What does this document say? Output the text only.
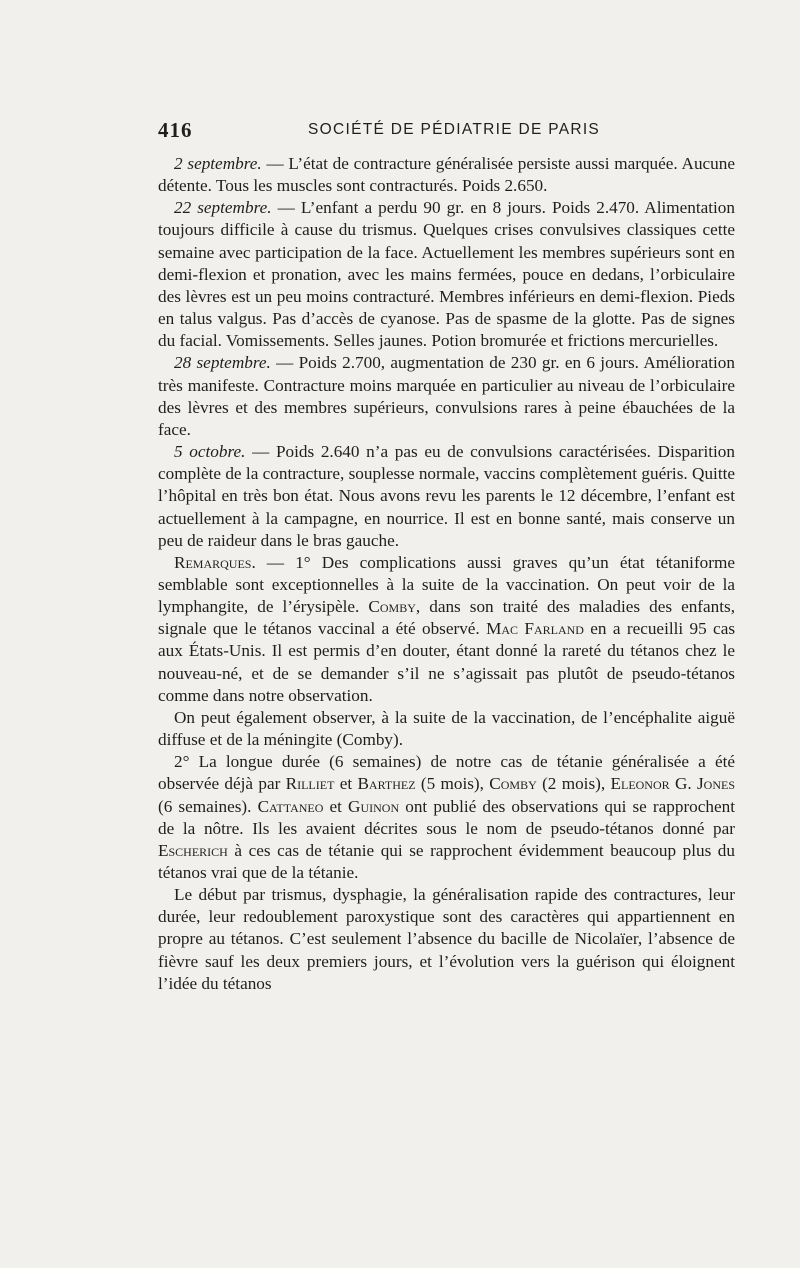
416	SOCIÉTÉ DE PÉDIATRIE DE PARIS

2 septembre. — L’état de contracture généralisée persiste aussi marquée. Aucune détente. Tous les muscles sont contracturés. Poids 2.650.

22 septembre. — L’enfant a perdu 90 gr. en 8 jours. Poids 2.470. Alimentation toujours difficile à cause du trismus. Quelques crises convulsives classiques cette semaine avec participation de la face. Actuellement les membres supérieurs sont en demi-flexion et pronation, avec les mains fermées, pouce en dedans, l’orbiculaire des lèvres est un peu moins contracturé. Membres inférieurs en demi-flexion. Pieds en talus valgus. Pas d’accès de cyanose. Pas de spasme de la glotte. Pas de signes du facial. Vomissements. Selles jaunes. Potion bromurée et frictions mercurielles.

28 septembre. — Poids 2.700, augmentation de 230 gr. en 6 jours. Amélioration très manifeste. Contracture moins marquée en particulier au niveau de l’orbiculaire des lèvres et des membres supérieurs, convulsions rares à peine ébauchées de la face.

5 octobre. — Poids 2.640 n’a pas eu de convulsions caractérisées. Disparition complète de la contracture, souplesse normale, vaccins complètement guéris. Quitte l’hôpital en très bon état. Nous avons revu les parents le 12 décembre, l’enfant est actuellement à la campagne, en nourrice. Il est en bonne santé, mais conserve un peu de raideur dans le bras gauche.

Remarques. — 1° Des complications aussi graves qu’un état tétaniforme semblable sont exceptionnelles à la suite de la vaccination. On peut voir de la lymphangite, de l’érysipèle. Comby, dans son traité des maladies des enfants, signale que le tétanos vaccinal a été observé. Mac Farland en a recueilli 95 cas aux États-Unis. Il est permis d’en douter, étant donné la rareté du tétanos chez le nouveau-né, et de se demander s’il ne s’agissait pas plutôt de pseudo-tétanos comme dans notre observation.

On peut également observer, à la suite de la vaccination, de l’encéphalite aiguë diffuse et de la méningite (Comby).

2° La longue durée (6 semaines) de notre cas de tétanie généralisée a été observée déjà par Rilliet et Barthez (5 mois), Comby (2 mois), Eleonor G. Jones (6 semaines). Cattaneo et Guinon ont publié des observations qui se rapprochent de la nôtre. Ils les avaient décrites sous le nom de pseudo-tétanos donné par Escherich à ces cas de tétanie qui se rapprochent évidemment beaucoup plus du tétanos vrai que de la tétanie.

Le début par trismus, dysphagie, la généralisation rapide des contractures, leur durée, leur redoublement paroxystique sont des caractères qui appartiennent en propre au tétanos. C’est seulement l’absence du bacille de Nicolaïer, l’absence de fièvre sauf les deux premiers jours, et l’évolution vers la guérison qui éloignent l’idée du tétanos
